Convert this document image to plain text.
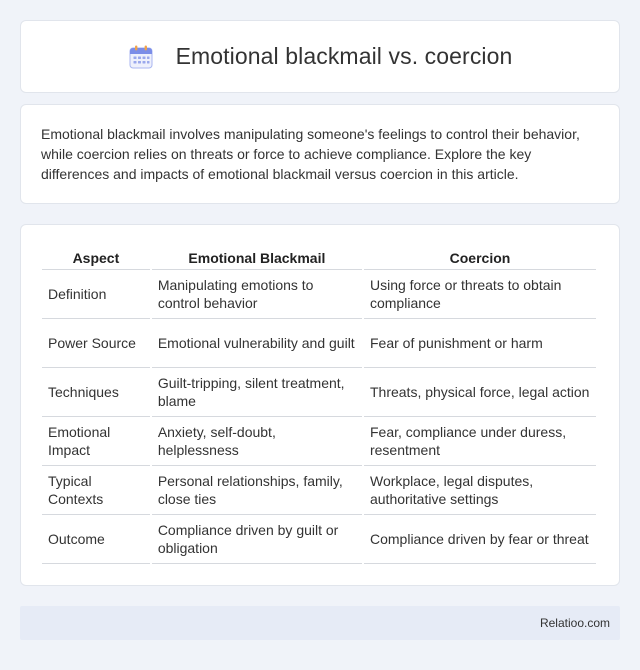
Emotional blackmail vs. coercion

Emotional blackmail involves manipulating someone's feelings to control their behavior, while coercion relies on threats or force to achieve compliance. Explore the key differences and impacts of emotional blackmail versus coercion in this article.

Aspect	Emotional Blackmail	Coercion
Definition	Manipulating emotions to control behavior	Using force or threats to obtain compliance
Power Source	Emotional vulnerability and guilt	Fear of punishment or harm
Techniques	Guilt-tripping, silent treatment, blame	Threats, physical force, legal action
Emotional Impact	Anxiety, self-doubt, helplessness	Fear, compliance under duress, resentment
Typical Contexts	Personal relationships, family, close ties	Workplace, legal disputes, authoritative settings
Outcome	Compliance driven by guilt or obligation	Compliance driven by fear or threat
Relatioo.com
